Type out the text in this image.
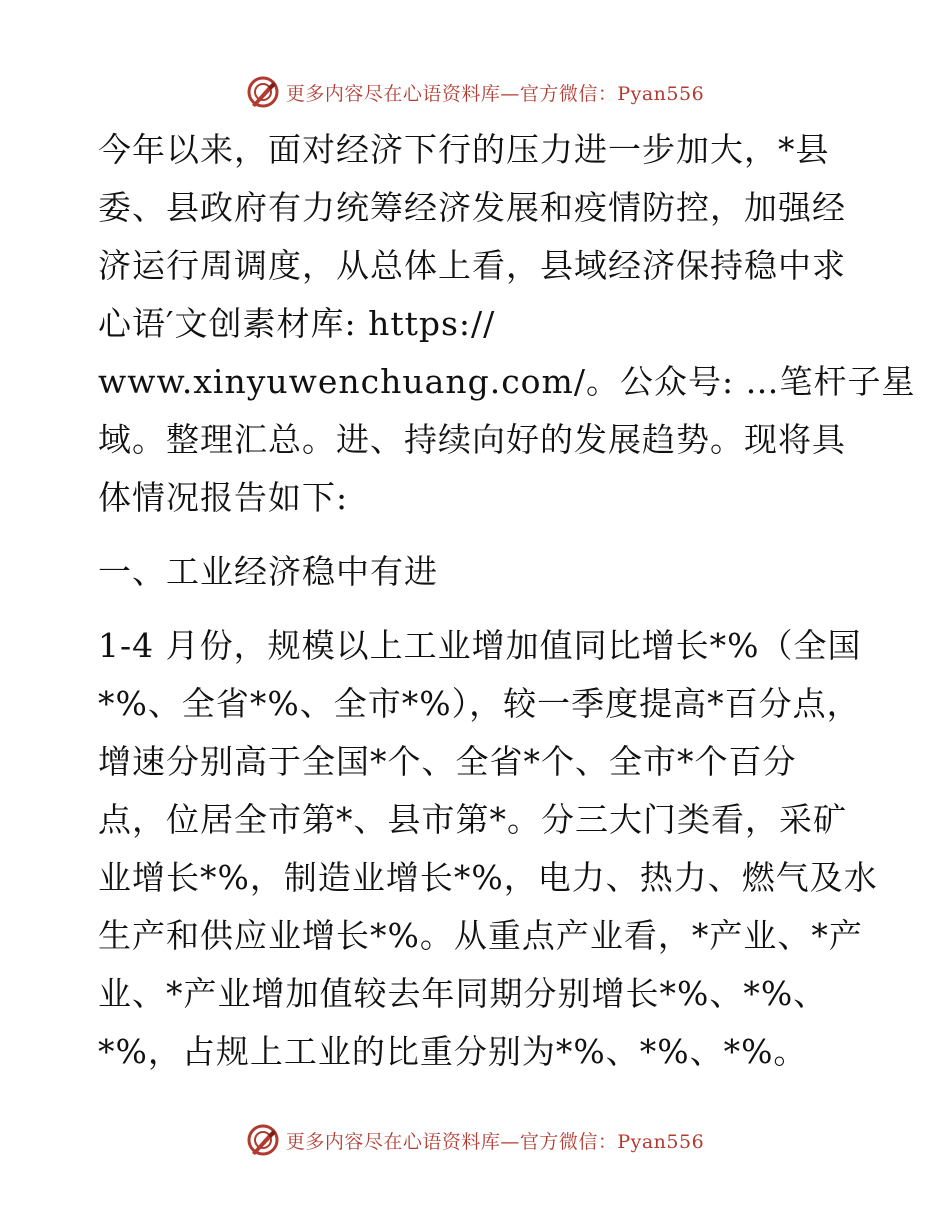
更多内容尽在心语资料库—官方微信：Pyan556
今年以来，面对经济下行的压力进一步加大，*县
委、县政府有力统筹经济发展和疫情防控，加强经
济运行周调度，从总体上看，县域经济保持稳中求
心语′文创素材库: https://
www.xinyuwenchuang.com/。公众号: …笔杆子星
域。整理汇总。进、持续向好的发展趋势。现将具
体情况报告如下:
一、工业经济稳中有进
1-4 月份，规模以上工业增加值同比增长*%（全国
*%、全省*%、全市*%），较一季度提高*百分点，
增速分别高于全国*个、全省*个、全市*个百分
点，位居全市第*、县市第*。分三大门类看，采矿
业增长*%，制造业增长*%，电力、热力、燃气及水
生产和供应业增长*%。从重点产业看，*产业、*产
业、*产业增加值较去年同期分别增长*%、*%、
*%，占规上工业的比重分别为*%、*%、*%。
更多内容尽在心语资料库—官方微信：Pyan556
